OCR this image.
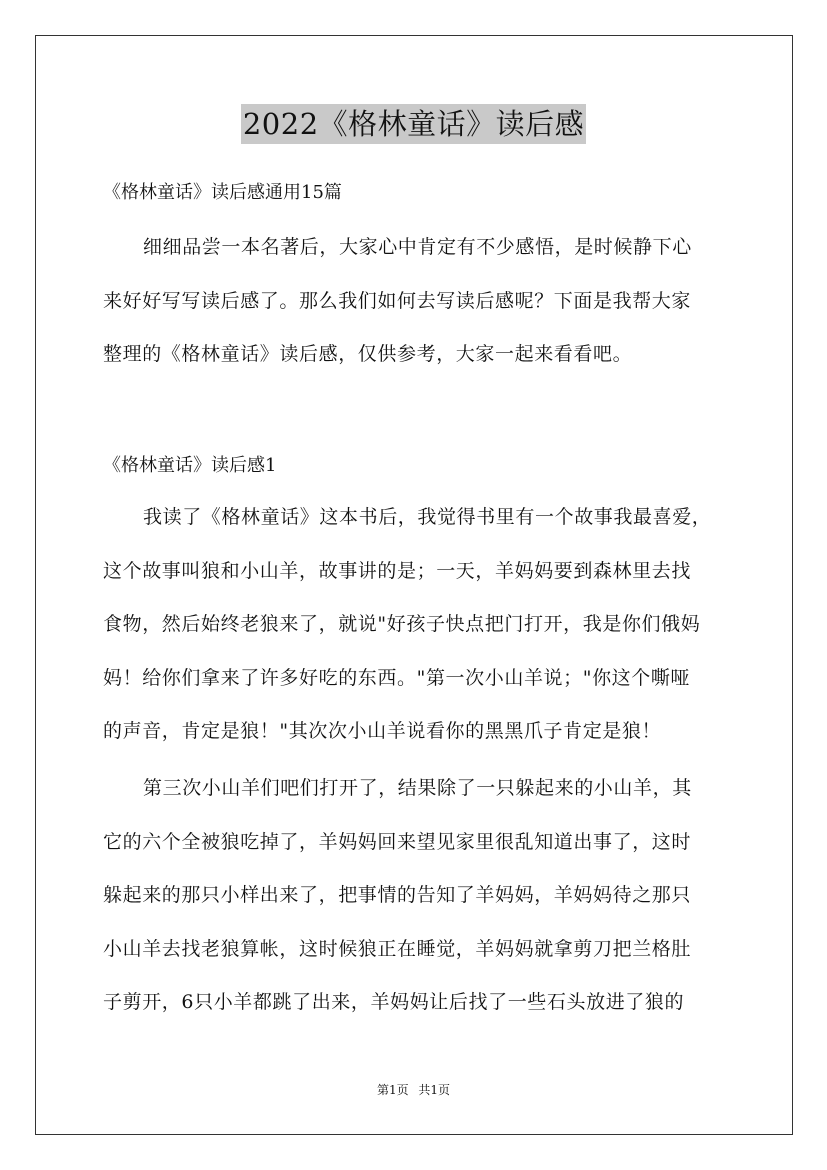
2022《格林童话》读后感
《格林童话》读后感通用15篇
细细品尝一本名著后，大家心中肯定有不少感悟，是时候静下心
来好好写写读后感了。那么我们如何去写读后感呢？下面是我帮大家
整理的《格林童话》读后感，仅供参考，大家一起来看看吧。
《格林童话》读后感1
我读了《格林童话》这本书后，我觉得书里有一个故事我最喜爱，
这个故事叫狼和小山羊，故事讲的是；一天，羊妈妈要到森林里去找
食物，然后始终老狼来了，就说"好孩子快点把门打开，我是你们俄妈
妈！给你们拿来了许多好吃的东西。"第一次小山羊说；"你这个嘶哑
的声音，肯定是狼！"其次次小山羊说看你的黑黑爪子肯定是狼！
第三次小山羊们吧们打开了，结果除了一只躲起来的小山羊，其
它的六个全被狼吃掉了，羊妈妈回来望见家里很乱知道出事了，这时
躲起来的那只小样出来了，把事情的告知了羊妈妈，羊妈妈待之那只
小山羊去找老狼算帐，这时候狼正在睡觉，羊妈妈就拿剪刀把兰格肚
子剪开，6只小羊都跳了出来，羊妈妈让后找了一些石头放进了狼的
第1页 共1页
